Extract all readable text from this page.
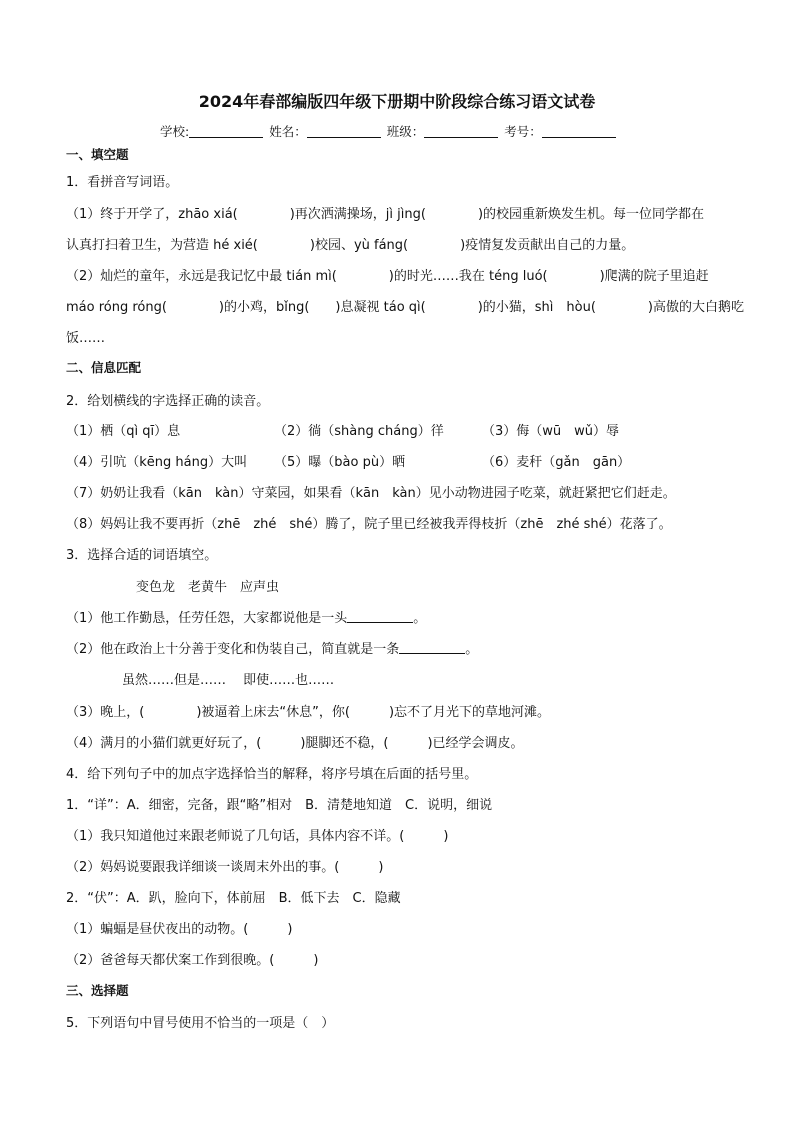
2024年春部编版四年级下册期中阶段综合练习语文试卷
学校:	姓名：	班级：	考号：
一、填空题
1．看拼音写词语。
（1）终于开学了，zhāo xiá(　　　　)再次洒满操场，jì jìng(　　　　)的校园重新焕发生机。每一位同学都在
认真打扫着卫生，为营造 hé xié(　　　　)校园、yù fáng(　　　　)疫情复发贡献出自己的力量。
（2）灿烂的童年，永远是我记忆中最 tián mì(　　　　)的时光……我在 téng luó(　　　　)爬满的院子里追赶
máo róng róng(　　　　)的小鸡，bǐng(　　)息凝视 táo qì(　　　　)的小猫，shì　hòu(　　　　)高傲的大白鹅吃
饭……
二、信息匹配
2．给划横线的字选择正确的读音。
（1）栖（qì qī）息	（2）徜（shàng cháng）徉	（3）侮（wū　wǔ）辱
（4）引吭（kēng háng）大叫 （5）曝（bào pù）晒	（6）麦秆（gǎn　gān）
（7）奶奶让我看（kān　kàn）守菜园，如果看（kān　kàn）见小动物进园子吃菜，就赶紧把它们赶走。
（8）妈妈让我不要再折（zhē　zhé　shé）腾了，院子里已经被我弄得枝折（zhē　zhé shé）花落了。
3．选择合适的词语填空。
变色龙　老黄牛　应声虫
（1）他工作勤恳，任劳任怨，大家都说他是一头	。
（2）他在政治上十分善于变化和伪装自己，简直就是一条	。
虽然……但是……　 即使……也……
（3）晚上，(　　　　)被逼着上床去“休息”，你(　　　)忘不了月光下的草地河滩。
（4）满月的小猫们就更好玩了，(　　　)腿脚还不稳，(　　　)已经学会调皮。
4．给下列句子中的加点字选择恰当的解释，将序号填在后面的括号里。
1．“详”：A．细密，完备，跟“略”相对　B．清楚地知道　C．说明，细说
（1）我只知道他过来跟老师说了几句话，具体内容不详。(　　　)
（2）妈妈说要跟我详细谈一谈周末外出的事。(　　　)
2．“伏”：A．趴，脸向下，体前屈　B．低下去　C．隐藏
（1）蝙蝠是昼伏夜出的动物。(　　　)
（2）爸爸每天都伏案工作到很晚。(　　　)
三、选择题
5．下列语句中冒号使用不恰当的一项是（　）
